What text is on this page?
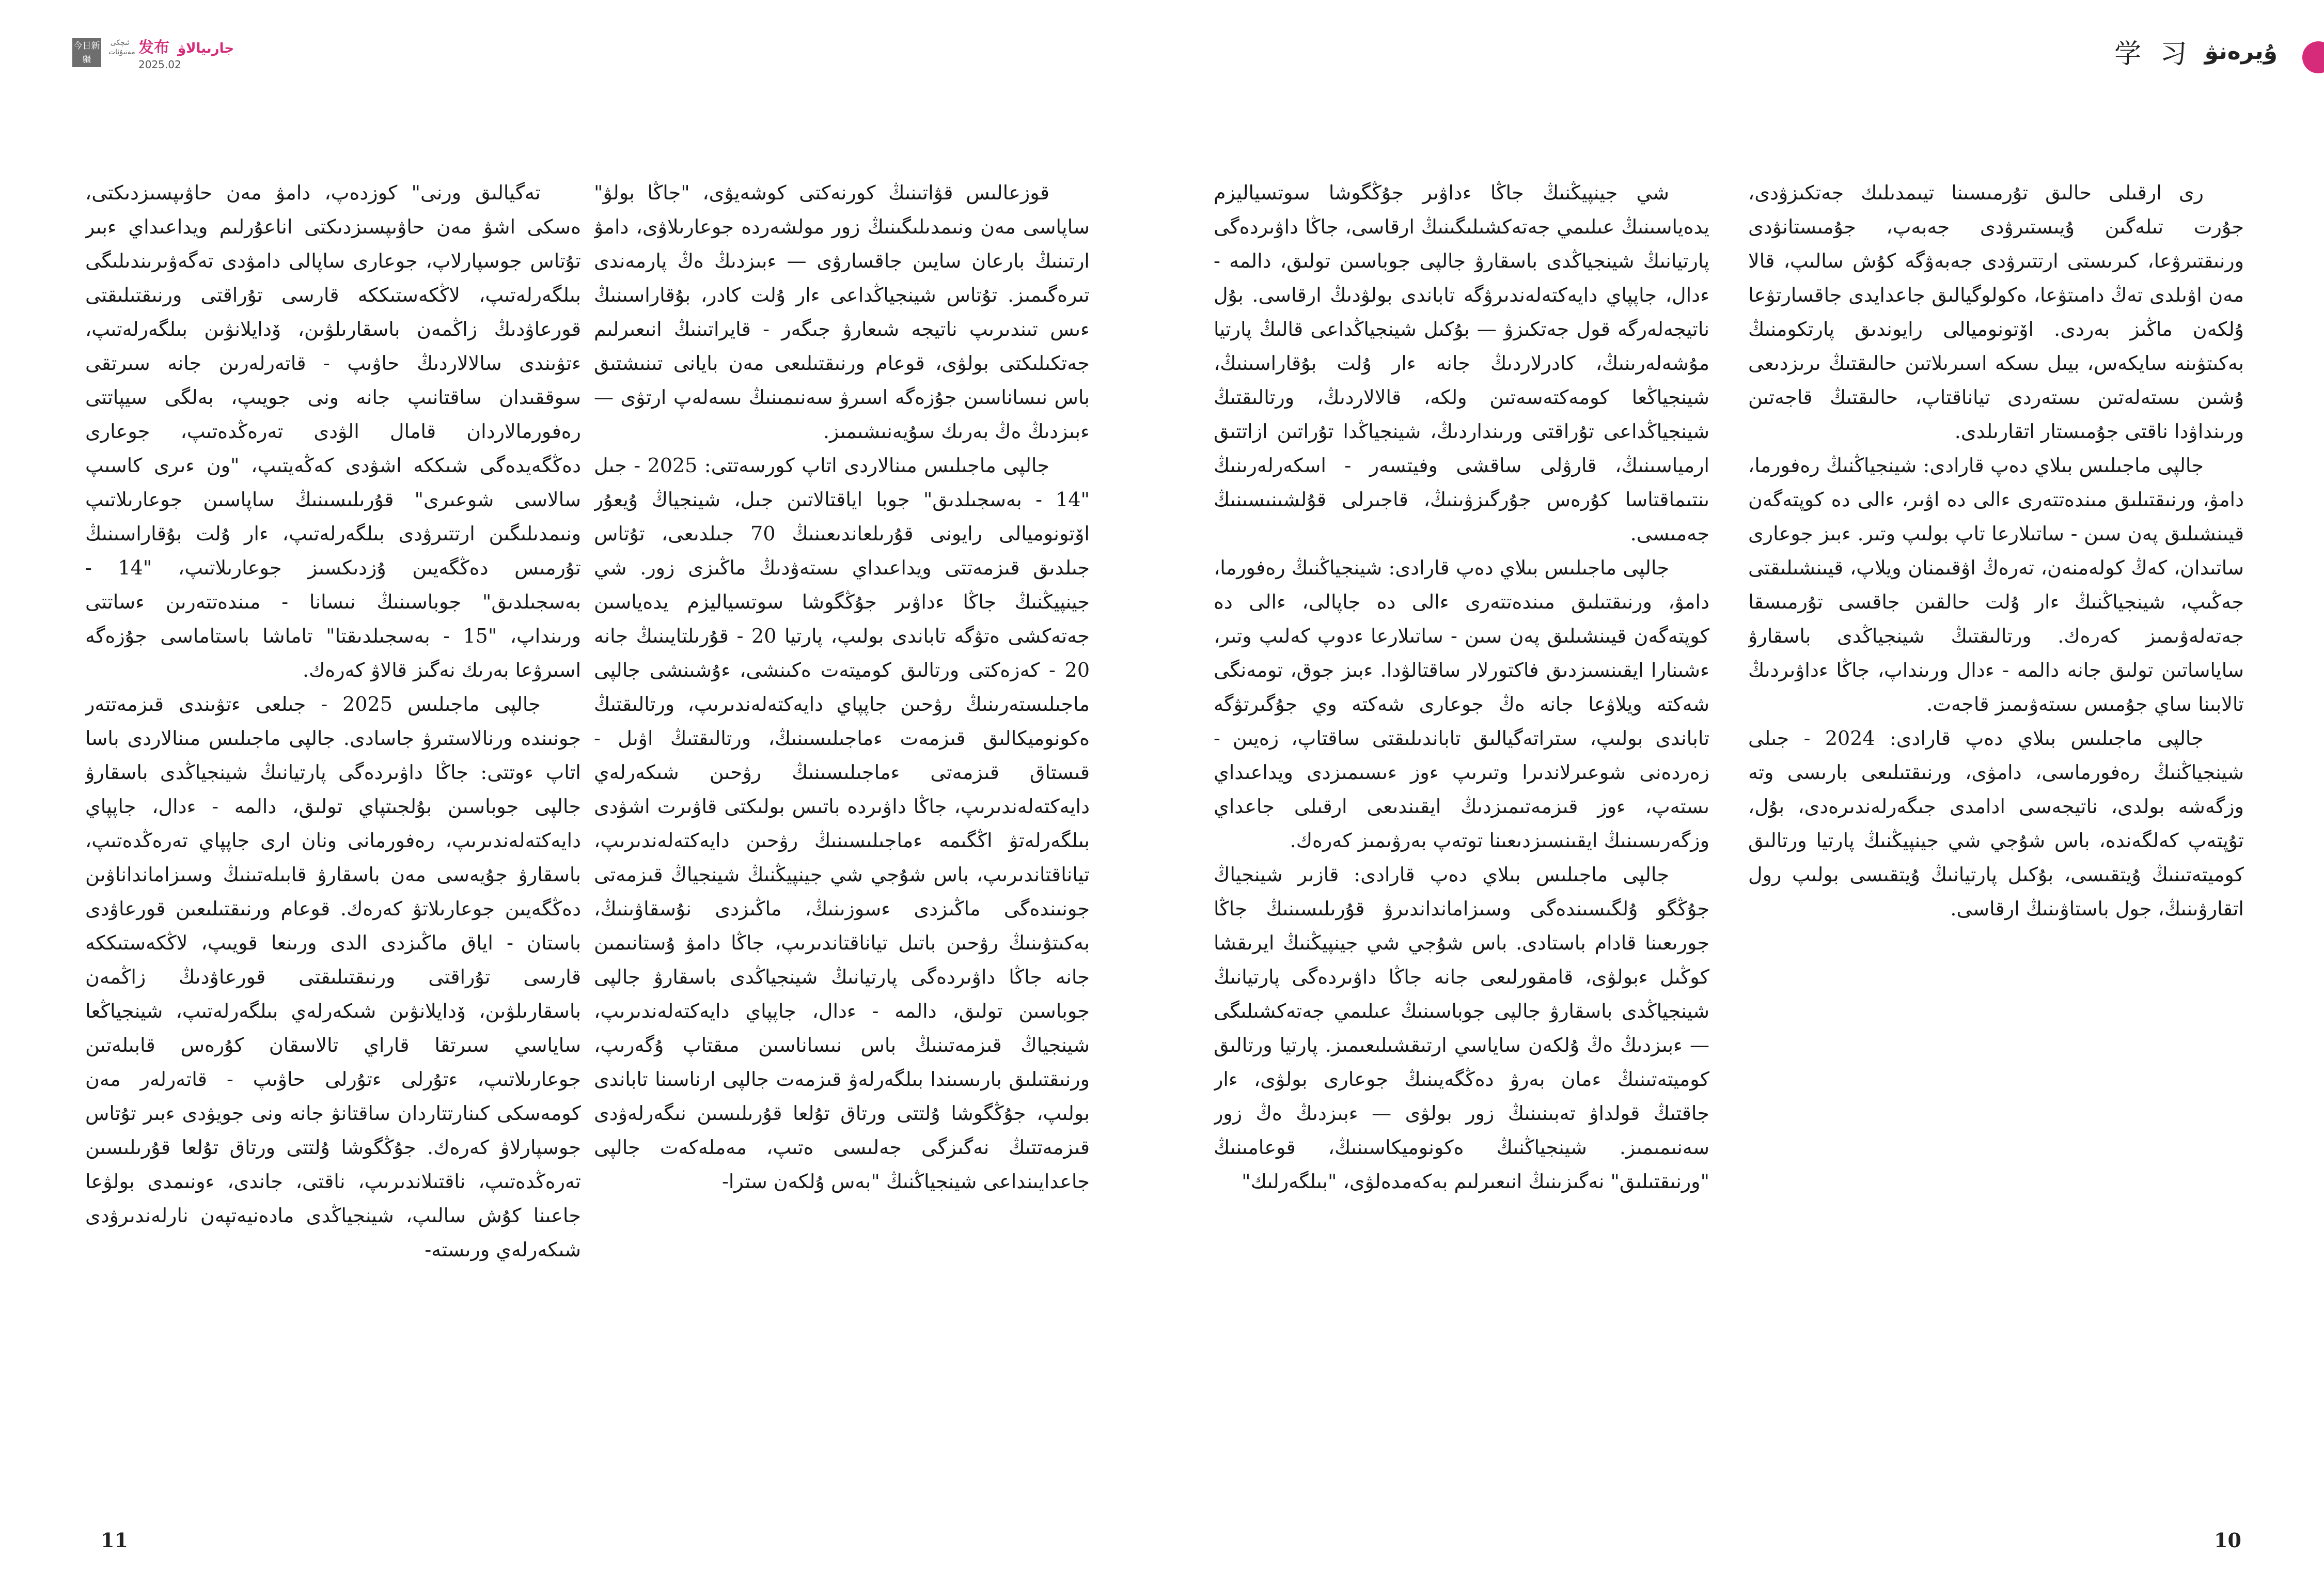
今日新疆
ئىچكى مەتبۇئات 发布 جارىيالاۋ
2025.02

تەگيالىق ورنى" كوزدەپ، دامۋ مەن حاۋىپسىزدىكتى، ەسكى اشۋ مەن حاۋىپسىزدىكتى اناعۇرلىم ويداعىداي ءبىر تۇتاس جوسپارلاپ، جوعارى ساپالى دامۋدى تەگەۋىرىندىلىگى بىلگەرلەتىپ، لاڭكەستىككە قارسى تۇراقتى ورنىقتىلىقتى قورعاۋدىڭ زاڭمەن باسقارىلۋىن، ۆدايلانۋىن بىلگەرلەتىپ، ءتۋىندى سالالاردىڭ حاۋىپ - قاتەرلەرىن جانە سىرتقى سوققىدان ساقتانىپ جانە ونى جويىپ، بەلگى سيپاتتى رەفورمالاردان قامال الۋدى تەرەڭدەتىپ، جوعارى دەڭگەيدەگى شىككە اشۋدى كەڭەيتىپ، "ون ءىرى كاسىپ سالاسى شوعىرى" قۇرىلىسىنىڭ ساپاسىن جوعارىلاتىپ ونىمدىلىگىن ارتتىرۋدى بىلگەرلەتىپ، ءار ۇلت بۇقاراسىنىڭ تۇرمىس دەڭگەيىن ۇزدىكسىز جوعارىلاتىپ، "14 - بەسجىلدىق" جوباسىنىڭ نىسانا - مىندەتتەرىن ءساتتى ورىنداپ، "15 - بەسجىلدىقتا" تاماشا باستاماسى جۇزەگە اسىرۋعا بەرىك نەگىز قالاۋ كەرەك.

جالپى ماجىلىس 2025 - جىلعى ءتۋىندى قىزمەتتەر جونىندە ورنالاستىرۋ جاسادى. جالپى ماجىلىس مىنالاردى باسا اتاپ ءوتتى: جاڭا داۋىردەگى پارتيانىڭ شينجياڭدى باسقارۋ جالپى جوباسىن بۇلجىتپاي تولىق، دالمە - ءدال، جاپپاي دايەكتەلەندىرىپ، رەفورمانى ونان ارى جاپپاي تەرەڭدەتىپ، باسقارۋ جۇيەسى مەن باسقارۋ قابىلەتىنىڭ وسىزامانداناۋىن دەڭگەيىن جوعارىلاتۋ كەرەك. قوعام ورنىقتىلىعىن قورعاۋدى باستان - اياق ماڭىزدى الدى ورىنعا قويىپ، لاڭكەستىككە قارسى تۇراقتى ورنىقتىلىقتى قورعاۋدىڭ زاڭمەن باسقارىلۋىن، ۆدايلانۋىن شىكەرلەي بىلگەرلەتىپ، شينجياڭعا ساياسي سىرتقا قاراي تالاسقان كۇرەس قابىلەتىن جوعارىلاتىپ، ءتۇرلى ءتۇرلى حاۋىپ - قاتەرلەر مەن كومەسكى كىنارتتاردان ساقتانۋ جانە ونى جويۋدى ءبىر تۇتاس جوسپارلاۋ كەرەك. جۇڭگوشا ۇلتتى ورتاق تۇلعا قۇرىلىسىن تەرەڭدەتىپ، ناقتىلاندىرىپ، ناقتى، جاندى، ءونىمدى بولۋعا جاعىنا كۇش سالىپ، شينجياڭدى مادەنيەتپەن نارلەندىرۋدى شىكەرلەي ورىستە-

قوزعالىس قۋاتىنىڭ كورنەكتى كوشەيۋى، "جاڭا بولۋ" ساپاسى مەن ونىمدىلىگىنىڭ زور مولشەردە جوعارىلاۋى، دامۋ ارتىنىڭ بارعان سايىن جاقسارۋى — ءبىزدىڭ ەڭ پارمەندى تىرەگىمىز. تۇتاس شينجياڭداعى ءار ۇلت كادر، بۇقاراسىنىڭ ءىس تىندىرىپ ناتيجە شىعارۋ جىگەر - قايراتىنىڭ انىعىرلىم جەتكىلىكتى بولۋى، قوعام ورنىقتىلىعى مەن بايانى تىنىشتىق باس نىساناسىن جۇزەگە اسىرۋ سەنىمىنىڭ ىسەلەپ ارتۋى — ءبىزدىڭ ەڭ بەرىك سۇيەنىشىمىز.

جالپى ماجىلىس مىنالاردى اتاپ كورسەتتى: 2025 - جىل "14 - بەسجىلدىق" جوبا اياقتالاتىن جىل، شينجياڭ ۇيعۇر اۆتونوميالى رايونى قۇرىلعاندىعىنىڭ 70 جىلدىعى، تۇتاس جىلدىق قىزمەتتى ويداعىداي ىستەۋدىڭ ماڭىزى زور. شي جينپيڭنىڭ جاڭا ءداۋىر جۇڭگوشا سوتسياليزم يدەياسىن جەتەكشى ەتۋگە تاباندى بولىپ، پارتيا 20 - قۇرىلتايىنىڭ جانە 20 - كەزەكتى ورتالىق كوميتەت ەكىنشى، ءۇشىنشى جالپى ماجىلىستەرىنىڭ رۋحىن جاپپاي دايەكتەلەندىرىپ، ورتالىقتىڭ ەكونوميكالىق قىزمەت ءماجىلىسىنىڭ، ورتالىقتىڭ اۋىل - قىستاق قىزمەتى ءماجىلىسىنىڭ رۋحىن شىكەرلەي دايەكتەلەندىرىپ، جاڭا داۋىردە باتىس بولىكتى قاۋىرت اشۋدى بىلگەرلەتۋ اڭگىمە ءماجىلىسىنىڭ رۋحىن دايەكتەلەندىرىپ، تياناقتاندىرىپ، باس شۇجي شي جينپيڭنىڭ شينجياڭ قىزمەتى جونىندەگى ماڭىزدى ءسوزىنىڭ، ماڭىزدى نۇسقاۋىنىڭ، بەكىتۋىنىڭ رۋحىن باتىل تياناقتاندىرىپ، جاڭا دامۋ ۇستانىمىن جانە جاڭا داۋىردەگى پارتيانىڭ شينجياڭدى باسقارۋ جالپى جوباسىن تولىق، دالمە - ءدال، جاپپاي دايەكتەلەندىرىپ، شينجياڭ قىزمەتىنىڭ باس نىساناسىن مىقتاپ ۇگەرىپ، ورنىقتىلىق بارىسىندا بىلگەرلەۋ قىزمەت جالپى ارناسىنا تاباندى بولىپ، جۇڭگوشا ۇلتتى ورتاق تۇلعا قۇرىلىسىن نىگەرلەۋدى قىزمەتتىڭ نەگىزگى جەلىسى ەتىپ، مەملەكەت جالپى جاعدايىنداعى شينجياڭنىڭ "بەس ۇلكەن سترا-

11
学 习 ۇيرەنۋ

شي جينپيڭنىڭ جاڭا ءداۋىر جۇڭگوشا سوتسياليزم يدەياسىنىڭ عىلىمي جەتەكشىلىگىنىڭ ارقاسى، جاڭا داۋىردەگى پارتيانىڭ شينجياڭدى باسقارۋ جالپى جوباسىن تولىق، دالمە - ءدال، جاپپاي دايەكتەلەندىرۋگە تاباندى بولۋدىڭ ارقاسى. بۇل ناتيجەلەرگە قول جەتكىزۋ — بۇكىل شينجياڭداعى قالىڭ پارتيا مۇشەلەرىنىڭ، كادرلاردىڭ جانە ءار ۇلت بۇقاراسىنىڭ، شينجياڭعا كومەكتەسەتىن ولكە، قالالاردىڭ، ورتالىقتىڭ شينجياڭداعى تۇراقتى ورىنداردىڭ، شينجياڭدا تۇراتىن ازاتتىق ارمياسىنىڭ، قارۋلى ساقشى وفيتسەر - اسكەرلەرىنىڭ ىنتىماقتاسا كۇرەس جۇرگىزۋىنىڭ، قاجىرلى قۇلشىنىسىنىڭ جەمىسى.

جالپى ماجىلىس بىلاي دەپ قارادى: شينجياڭنىڭ رەفورما، دامۋ، ورنىقتىلىق مىندەتتەرى ءالى دە جاپالى، ءالى دە كوپتەگەن قيىنشىلىق پەن سىن - ساتىلارعا ءدوپ كەلىپ وتىر، ءشىنارا ايقىنسىزدىق فاكتورلار ساقتالۋدا. ءبىز جوق، تومەنگى شەكتە ويلاۋعا جانە ەڭ جوعارى شەكتە وي جۇگىرتۋگە تاباندى بولىپ، ستراتەگيالىق تاباندىلىقتى ساقتاپ، زەيىن - زەردەنى شوعىرلاندىرا وتىرىپ ءوز ءىسىمىزدى ويداعىداي ىستەپ، ءوز قىزمەتىمىزدىڭ ايقىندىعى ارقىلى جاعداي وزگەرىسىنىڭ ايقىنسىزدىعىنا توتەپ بەرۋىمىز كەرەك.

جالپى ماجىلىس بىلاي دەپ قارادى: قازىر شينجياڭ جۇڭگو ۇلگىسىندەگى وسىزامانداندىرۋ قۇرىلىسىنىڭ جاڭا جورىعىنا قادام باستادى. باس شۇجي شي جينپيڭنىڭ ايرىقشا كوڭىل ءبولۋى، قامقورلىعى جانە جاڭا داۋىردەگى پارتيانىڭ شينجياڭدى باسقارۋ جالپى جوباسىنىڭ عىلىمي جەتەكشىلىگى — ءبىزدىڭ ەڭ ۇلكەن ساياسي ارتىقشىلىعىمىز. پارتيا ورتالىق كوميتەتىنىڭ ءمان بەرۋ دەڭگەيىنىڭ جوعارى بولۋى، ءار جاقتىڭ قولداۋ تەبىنىنىڭ زور بولۋى — ءبىزدىڭ ەڭ زور سەنىمىمىز. شينجياڭنىڭ ەكونوميكاسىنىڭ، قوعامىنىڭ "ورنىقتىلىق" نەگىزىنىڭ انىعىرلىم بەكەمدەلۋى، "بىلگەرلىك"

رى ارقىلى حالىق تۇرمىسىنا تيىمدىلىك جەتكىزۋدى، جۇرت تىلەگىن ۇيىستىرۋدى جەبەپ، جۇمىستانۋدى ورنىقتىرۋعا، كىرىستى ارتتىرۋدى جەبەۋگە كۇش سالىپ، قالا مەن اۋىلدى تەڭ دامىتۋعا، ەكولوگيالىق جاعدايدى جاقسارتۋعا ۇلكەن ماڭىز بەردى. اۆتونوميالى رايوندىق پارتكومنىڭ بەكىتۋىنە سايكەس، بيىل ىسكە اسىرىلاتىن حالىقتىڭ ىرىزدىعى ۇشىن ىستەلەتىن ىستەردى تياناقتاپ، حالىقتىڭ قاجەتىن ورىنداۋدا ناقتى جۇمىستار اتقارىلدى.

جالپى ماجىلىس بىلاي دەپ قارادى: شينجياڭنىڭ رەفورما، دامۋ، ورنىقتىلىق مىندەتتەرى ءالى دە اۋىر، ءالى دە كوپتەگەن قيىنشىلىق پەن سىن - ساتىلارعا تاپ بولىپ وتىر. ءبىز جوعارى ساتىدان، كەڭ كولەمنەن، تەرەڭ اۋقىمنان ويلاپ، قيىنشىلىقتى جەڭىپ، شينجياڭنىڭ ءار ۇلت حالقىن جاقسى تۇرمىسقا جەتەلەۋىمىز كەرەك. ورتالىقتىڭ شينجياڭدى باسقارۋ ساياساتىن تولىق جانە دالمە - ءدال ورىنداپ، جاڭا ءداۋىردىڭ تالابىنا ساي جۇمىس ىستەۋىمىز قاجەت.

جالپى ماجىلىس بىلاي دەپ قارادى: 2024 - جىلى شينجياڭنىڭ رەفورماسى، دامۋى، ورنىقتىلىعى بارىسى وتە وزگەشە بولدى، ناتيجەسى ادامدى جىگەرلەندىرەدى، بۇل، تۇپتەپ كەلگەندە، باس شۇجي شي جينپيڭنىڭ پارتيا ورتالىق كوميتەتىنىڭ ۇيتقىسى، بۇكىل پارتيانىڭ ۇيتقىسى بولىپ رول اتقارۋىنىڭ، جول باستاۋىنىڭ ارقاسى.

10
